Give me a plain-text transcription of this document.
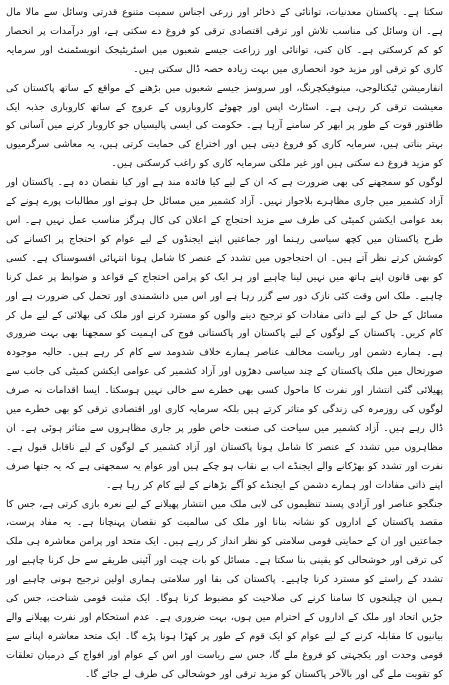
سکتا ہے۔ پاکستان معدنیات، توانائی کے ذخائر اور زرعی اجناس سمیت متنوع قدرتی وسائل سے مالا مال ہے۔ ان وسائل کی مناسب تلاش اور ترقی اقتصادی ترقی کو فروغ دے سکتی ہے، اور درآمدات پر انحصار کو کم کرسکتی ہے۔ کان کنی، توانائی اور زراعت جیسے شعبوں میں اسٹریٹیجک انویسٹمنٹ اور سرمایہ کاری کو ترقی اور مزید خود انحصاری میں بہت زیادہ حصہ ڈال سکتی ہیں۔

انفارمیشن ٹیکنالوجی، مینوفیکچرنگ، اور سروسز جیسے شعبوں میں بڑھنے کے مواقع کے ساتھ پاکستان کی معیشت ترقی کر رہی ہے۔ اسٹارٹ اپس اور چھوٹے کاروباروں کے عروج کے ساتھ کاروباری جذبہ ایک طاقتور قوت کے طور پر ابھر کر سامنے آرہا ہے۔ حکومت کی ایسی پالیسیاں جو کاروبار کرنے میں آسانی کو بہتر بناتی ہیں، سرمایہ کاری کو فروغ دیتی ہیں اور اختراع کی حمایت کرتی ہیں، یہ معاشی سرگرمیوں کو مزید فروغ دے سکتی ہیں اور غیر ملکی سرمایہ کاری کو راغب کرسکتی ہیں۔

لوگوں کو سمجھنے کی بھی ضرورت ہے کہ ان کے لیے کیا فائدہ مند ہے اور کیا نقصان دہ ہے۔ پاکستان اور آزاد کشمیر میں جاری مظاہرے بلاجواز نہیں۔ آزاد کشمیر میں مسائل حل ہونے اور مطالبات پورے ہونے کے بعد عوامی ایکشن کمیٹی کی طرف سے مزید احتجاج کے اعلان کی کال ہرگز مناسب عمل نہیں ہے۔ اس طرح پاکستان میں کچھ سیاسی رہنما اور جماعتیں اپنے ایجنڈوں کے لیے عوام کو احتجاج پر اکسانے کی کوشش کرتے نظر آتے ہیں۔ ان احتجاجوں میں تشدد کے عنصر کا شامل ہونا انتہائی افسوسناک ہے۔ کسی کو بھی قانون اپنے ہاتھ میں نہیں لینا چاہیے اور ہر ایک کو پرامن احتجاج کے قواعد و ضوابط پر عمل کرنا چاہیے۔ ملک اس وقت کئی نازک دور سے گزر رہا ہے اور اس میں دانشمندی اور تحمل کی ضرورت ہے اور مسائل کے حل کے لیے ذاتی مفادات کو ترجیح دینے والوں کو مسترد کرنے اور ملک کی بھلائی کے لیے مل کر کام کریں۔ پاکستان کے لوگوں کے لیے پاکستان اور پاکستانی فوج کی اہمیت کو سمجھنا بھی بہت ضروری ہے۔ ہمارے دشمن اور ریاست مخالف عناصر ہمارے خلاف شدومد سے کام کر رہے ہیں۔ حالیہ موجودہ صورتحال میں ملک پاکستان کے چند سیاسی دھڑوں اور آزاد کشمیر کی عوامی ایکشن کمیٹی کی جانب سے پھیلائی گئی انتشار اور نفرت کا ماحول کسی بھی خطرے سے خالی نہیں ہوسکتا۔ ایسا اقدامات نہ صرف لوگوں کی روزمرہ کی زندگی کو متاثر کرتے ہیں بلکہ سرمایہ کاری اور اقتصادی ترقی کو بھی خطرے میں ڈال رہے ہیں۔ آزاد کشمیر میں سیاحت کی صنعت خاص طور پر جاری مظاہروں سے متاثر ہوئی ہے۔ ان مظاہروں میں تشدد کے عنصر کا شامل ہونا پاکستان اور آزاد کشمیر کے لوگوں کے لیے ناقابل قبول ہے۔ نفرت اور تشدد کو بھڑکانے والے ایجنڈے اب بے نقاب ہو چکے ہیں اور عوام یہ سمجھتی ہے کہ یہ جتھا صرف اپنے ذاتی مفادات اور ہمارے دشمن کے ایجنڈے کو آگے بڑھانے کے لیے کام کر رہا ہے۔

جنگجو عناصر اور آزادی پسند تنظیموں کی لابی ملک میں انتشار پھیلانے کے لیے نعرہ بازی کرتی ہے، جس کا مقصد پاکستان کے اداروں کو نشانہ بنانا اور ملک کی سالمیت کو نقصان پہنچانا ہے۔ یہ مفاد پرست، جماعتیں اور ان کے حمایتی قومی سلامتی کو نظر انداز کر رہے ہیں۔ ایک متحد اور پرامن معاشرہ ہی ملک کی ترقی اور خوشحالی کو یقینی بنا سکتا ہے۔ مسائل کو بات چیت اور آئینی طریقے سے حل کرنا چاہیے اور تشدد کے راستے کو مسترد کرنا چاہیے۔ پاکستان کی بقا اور سلامتی ہماری اولین ترجیح ہونی چاہیے اور ہمیں ان چیلنجوں کا سامنا کرنے کی صلاحیت کو مضبوط کرنا ہوگا۔ ایک مثبت قومی شناخت، جس کی جڑیں اتحاد اور ملک کے اداروں کے احترام میں ہوں، بہت ضروری ہے۔ عدم استحکام اور نفرت پھیلانے والے بیانیوں کا مقابلہ کرنے کے لیے عوام کو ایک قوم کے طور پر کھڑا ہونا پڑے گا۔ ایک متحد معاشرہ اپنانے سے قومی وحدت اور یکجہتی کو فروغ ملے گا، جس سے ریاست اور اس کے عوام اور افواج کے درمیان تعلقات کو تقویت ملے گی اور بالآخر پاکستان کو مزید ترقی اور خوشحالی کی طرف لے جائے گا۔
